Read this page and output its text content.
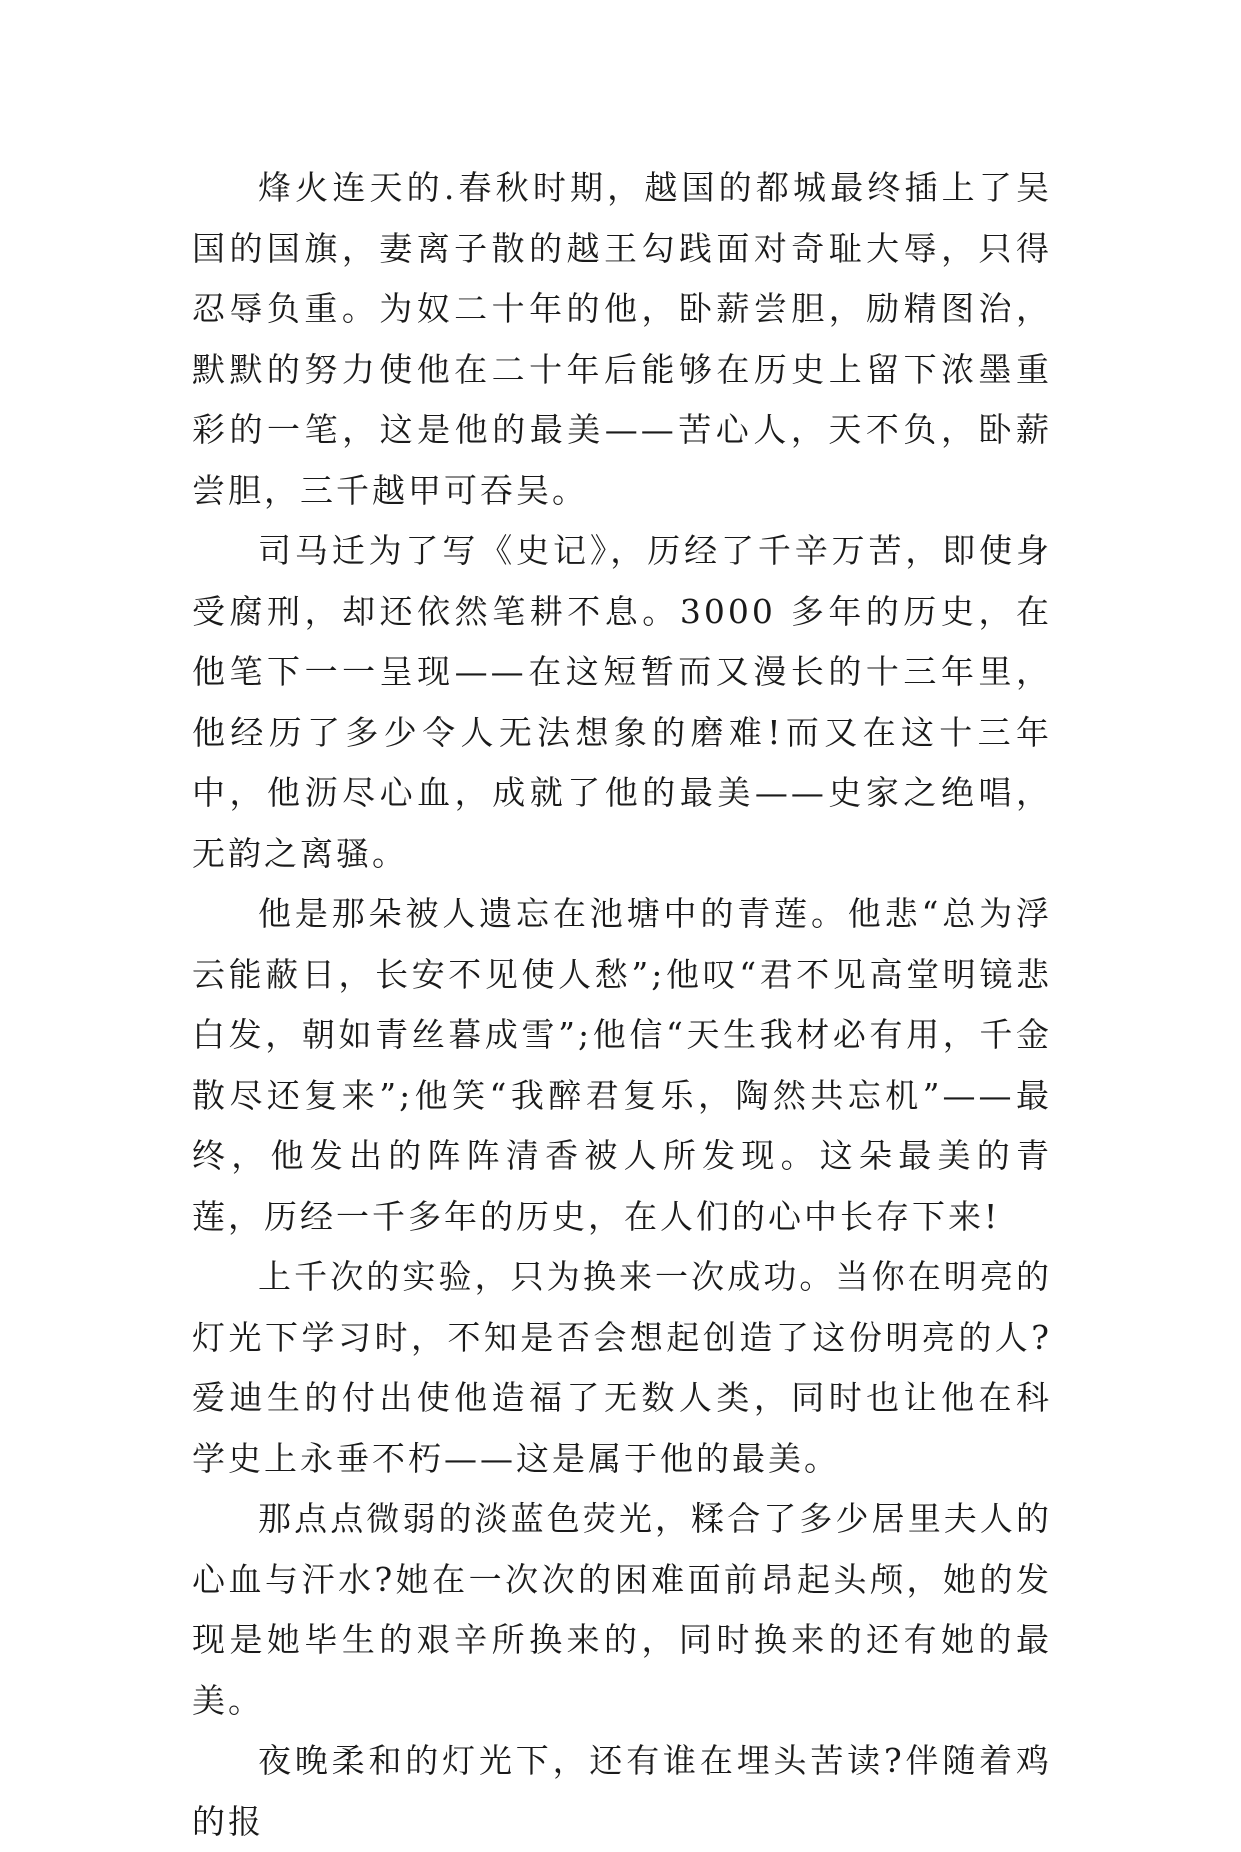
烽火连天的.春秋时期，越国的都城最终插上了吴国的国旗，妻离子散的越王勾践面对奇耻大辱，只得忍辱负重。为奴二十年的他，卧薪尝胆，励精图治，默默的努力使他在二十年后能够在历史上留下浓墨重彩的一笔，这是他的最美——苦心人，天不负，卧薪尝胆，三千越甲可吞吴。

司马迁为了写《史记》，历经了千辛万苦，即使身受腐刑，却还依然笔耕不息。3000 多年的历史，在他笔下一一呈现——在这短暂而又漫长的十三年里，他经历了多少令人无法想象的磨难!而又在这十三年中，他沥尽心血，成就了他的最美——史家之绝唱，无韵之离骚。

他是那朵被人遗忘在池塘中的青莲。他悲“总为浮云能蔽日，长安不见使人愁”;他叹“君不见高堂明镜悲白发，朝如青丝暮成雪”;他信“天生我材必有用，千金散尽还复来”;他笑“我醉君复乐，陶然共忘机”——最终，他发出的阵阵清香被人所发现。这朵最美的青莲，历经一千多年的历史，在人们的心中长存下来!

上千次的实验，只为换来一次成功。当你在明亮的灯光下学习时，不知是否会想起创造了这份明亮的人?爱迪生的付出使他造福了无数人类，同时也让他在科学史上永垂不朽——这是属于他的最美。

那点点微弱的淡蓝色荧光，糅合了多少居里夫人的心血与汗水?她在一次次的困难面前昂起头颅，她的发现是她毕生的艰辛所换来的，同时换来的还有她的最美。

夜晚柔和的灯光下，还有谁在埋头苦读?伴随着鸡的报
